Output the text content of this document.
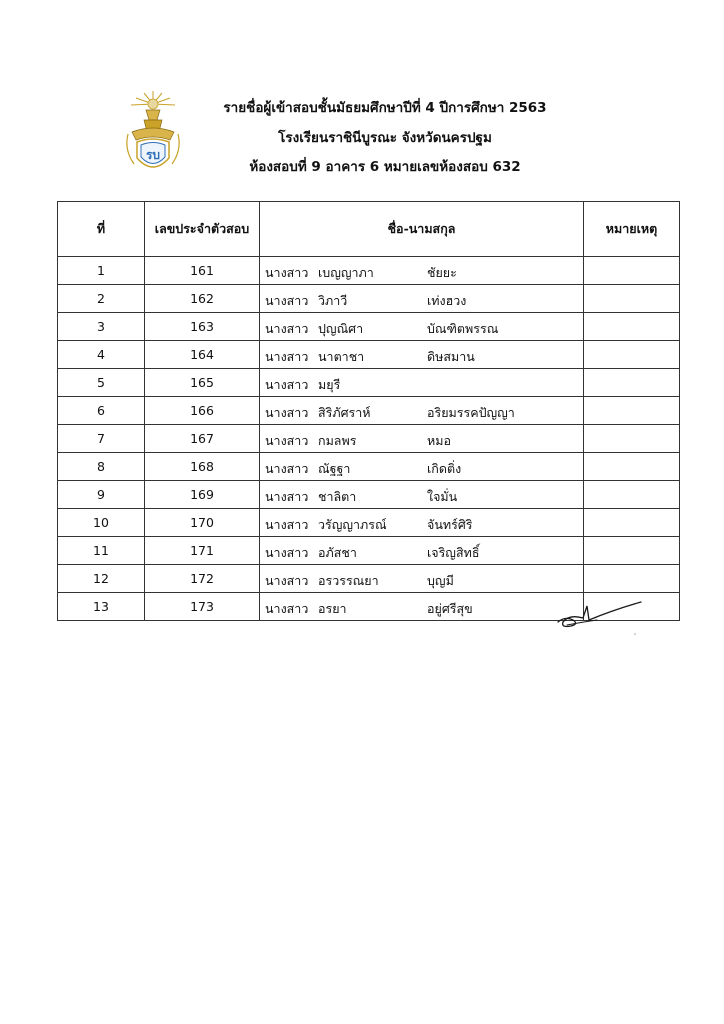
รบ
รายชื่อผู้เข้าสอบชั้นมัธยมศึกษาปีที่ 4 ปีการศึกษา 2563
โรงเรียนราชินีบูรณะ จังหวัดนครปฐม
ห้องสอบที่ 9 อาคาร 6 หมายเลขห้องสอบ 632
ที่	เลขประจำตัวสอบ	ชื่อ-นามสกุล	หมายเหตุ
1	161	นางสาว เบญญาภา ชัยยะ	

2	162	นางสาว วิภาวี เท่งฮวง	

3	163	นางสาว ปุญณิศา บัณฑิตพรรณ	

4	164	นางสาว นาตาชา ดิษสมาน	

5	165	นางสาว มยุรี	

6	166	นางสาว สิริภัศราห์ อริยมรรคปัญญา	

7	167	นางสาว กมลพร หมอ	

8	168	นางสาว ณัฐฐา เกิดติ่ง	

9	169	นางสาว ชาลิตา ใจมั่น	

10	170	นางสาว วรัญญาภรณ์ จันทร์ศิริ	

11	171	นางสาว อภัสชา เจริญสิทธิ์	

12	172	นางสาว อรวรรณยา บุญมี	

13	173	นางสาว อรยา อยู่ศรีสุข	
